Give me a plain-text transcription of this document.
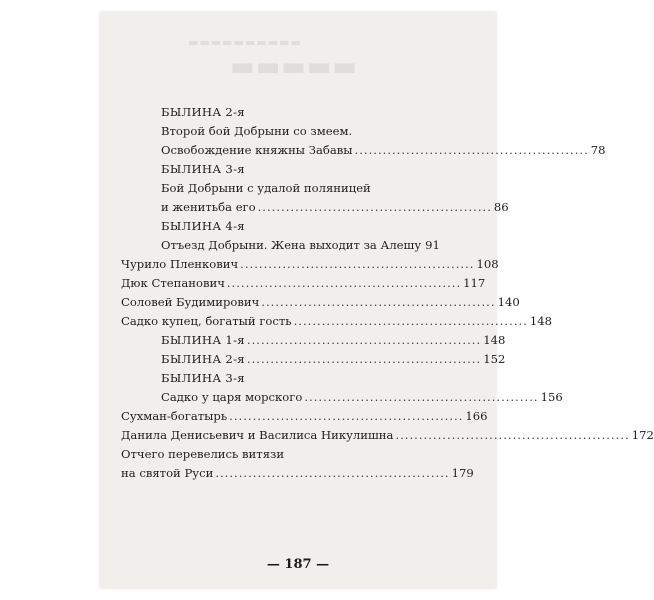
▬▬▬▬▬▬▬▬▬▬
▬▬▬▬▬
БЫЛИНА 2-я
Второй бой Добрыни со змеем.
Освобождение княжны Забавы .................................................. 78
БЫЛИНА 3-я
Бой Добрыни с удалой поляницей
и женитьба его .................................................. 86
БЫЛИНА 4-я
Отъезд Добрыни. Жена выходит за Алешу 91
Чурило Пленкович .................................................. 108
Дюк Степанович .................................................. 117
Соловей Будимирович .................................................. 140
Садко купец, богатый гость .................................................. 148
БЫЛИНА 1-я .................................................. 148
БЫЛИНА 2-я .................................................. 152
БЫЛИНА 3-я
Садко у царя морского .................................................. 156
Сухман-богатырь .................................................. 166
Данила Денисьевич и Василиса Никулишна .................................................. 172
Отчего перевелись витязи
на святой Руси .................................................. 179
— 187 —
